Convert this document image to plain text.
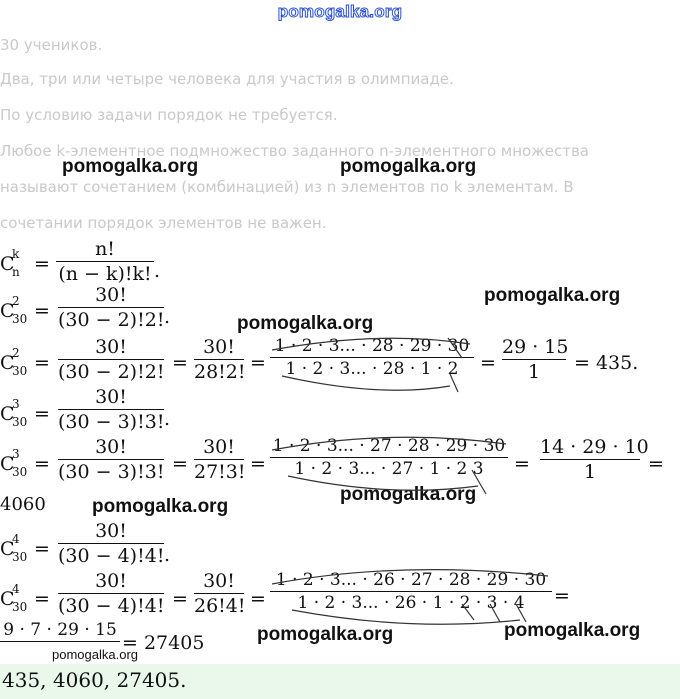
pomogalka.org
pomogalka.org	pomogalka.org
pomogalka.org
pomogalka.org
pomogalka.org
pomogalka.org
pomogalka.org	pomogalka.org
pomogalka.org
30 учеников.
Два, три или четыре человека для участия в олимпиаде.
По условию задачи порядок не требуется.
Любое k-элементное подмножество заданного n-элементного множества
называют сочетанием (комбинацией) из n элементов по k элементам. В
сочетании порядок элементов не важен.
C
k
n =
n!
(n − k)!k! .
C
2
30 =
30!
(30 − 2)!2! .
C
2
30 =
30!
(30 − 2)!2! =
30!
28!2! =
1 · 2 · 3... · 28 · 29 · 30
1 · 2 · 3... · 28 · 1 · 2	=
29 · 15
1	= 435.
C
3
30 =
30!
(30 − 3)!3! .
C
3
30 =
30!
(30 − 3)!3! =
30!
27!3! =
1 · 2 · 3... · 27 · 28 · 29 · 30
1 · 2 · 3... · 27 · 1 · 2 3	=
14 · 29 · 10
1	=
4060
C
4
30 =
30!
(30 − 4)!4! .
C
4
30 =
30!
(30 − 4)!4! =
30!
26!4! =
1 · 2 · 3... · 26 · 27 · 28 · 29 · 30
1 · 2 · 3... · 26 · 1 · 2 · 3 · 4	=
9 · 7 · 29 · 15
= 27405
435, 4060, 27405.
